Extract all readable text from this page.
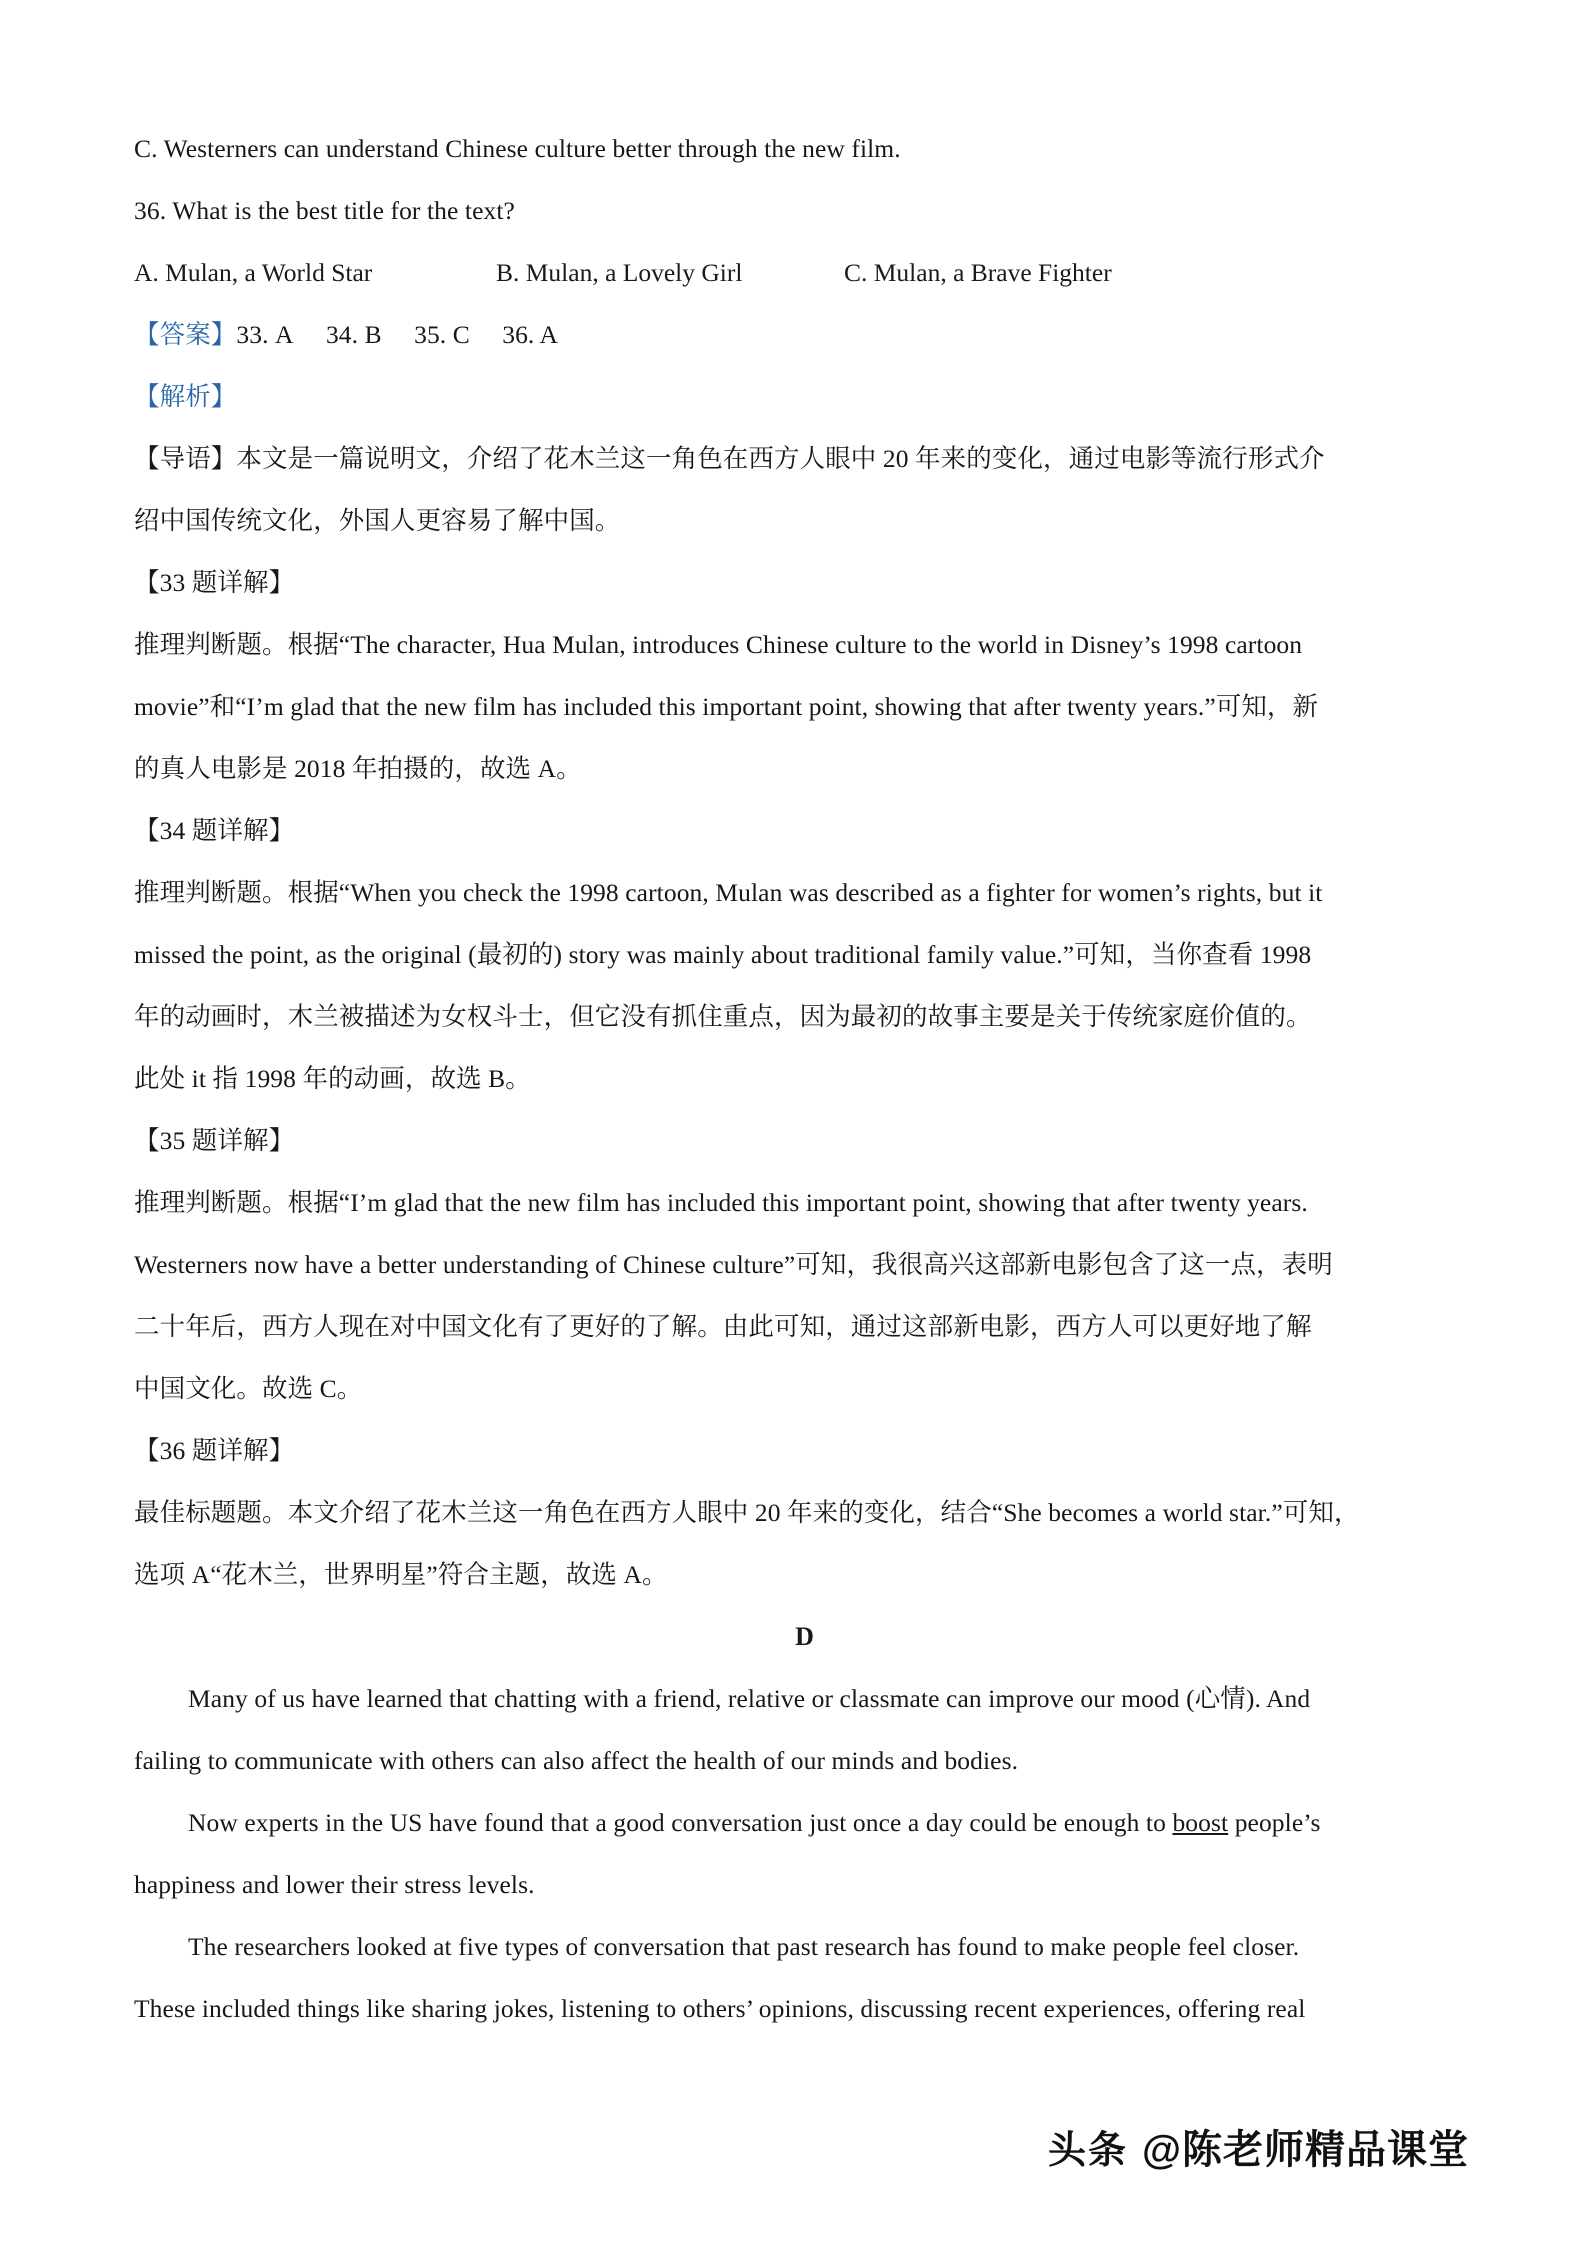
C. Westerners can understand Chinese culture better through the new film.
36. What is the best title for the text?
A. Mulan, a World Star	B. Mulan, a Lovely Girl	C. Mulan, a Brave Fighter
【答案】33. A 34. B 35. C 36. A
【解析】
【导语】本文是一篇说明文，介绍了花木兰这一角色在西方人眼中 20 年来的变化，通过电影等流行形式介
绍中国传统文化，外国人更容易了解中国。
【33 题详解】
推理判断题。根据“The character, Hua Mulan, introduces Chinese culture to the world in Disney’s 1998 cartoon
movie”和“I’m glad that the new film has included this important point, showing that after twenty years.”可知，新
的真人电影是 2018 年拍摄的，故选 A。
【34 题详解】
推理判断题。根据“When you check the 1998 cartoon, Mulan was described as a fighter for women’s rights, but it
missed the point, as the original (最初的) story was mainly about traditional family value.”可知，当你查看 1998
年的动画时，木兰被描述为女权斗士，但它没有抓住重点，因为最初的故事主要是关于传统家庭价值的。
此处 it 指 1998 年的动画，故选 B。
【35 题详解】
推理判断题。根据“I’m glad that the new film has included this important point, showing that after twenty years.
Westerners now have a better understanding of Chinese culture”可知，我很高兴这部新电影包含了这一点，表明
二十年后，西方人现在对中国文化有了更好的了解。由此可知，通过这部新电影，西方人可以更好地了解
中国文化。故选 C。
【36 题详解】
最佳标题题。本文介绍了花木兰这一角色在西方人眼中 20 年来的变化，结合“She becomes a world star.”可知，
选项 A“花木兰，世界明星”符合主题，故选 A。
D
Many of us have learned that chatting with a friend, relative or classmate can improve our mood (心情). And
failing to communicate with others can also affect the health of our minds and bodies.
Now experts in the US have found that a good conversation just once a day could be enough to boost people’s
happiness and lower their stress levels.
The researchers looked at five types of conversation that past research has found to make people feel closer.
These included things like sharing jokes, listening to others’ opinions, discussing recent experiences, offering real
头条 @陈老师精品课堂
